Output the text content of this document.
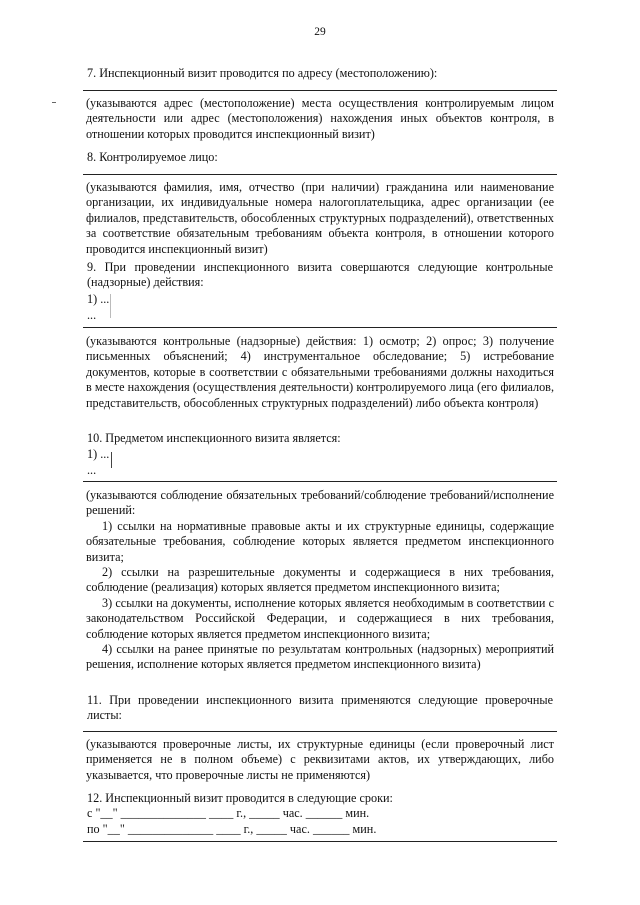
29
7. Инспекционный визит проводится по адресу (местоположению):

(указываются адрес (местоположение) места осуществления контролируемым лицом деятельности или адрес (местоположения) нахождения иных объектов контроля, в отношении которых проводится инспекционный визит)

8. Контролируемое лицо:

(указываются фамилия, имя, отчество (при наличии) гражданина или наименование организации, их индивидуальные номера налогоплательщика, адрес организации (ее филиалов, представительств, обособленных структурных подразделений), ответственных за соответствие обязательным требованиям объекта контроля, в отношении которого проводится инспекционный визит)

9. При проведении инспекционного визита совершаются следующие контрольные (надзорные) действия:
1) ...
...

(указываются контрольные (надзорные) действия: 1) осмотр; 2) опрос; 3) получение письменных объяснений; 4) инструментальное обследование; 5) истребование документов, которые в соответствии с обязательными требованиями должны находиться в месте нахождения (осуществления деятельности) контролируемого лица (его филиалов, представительств, обособленных структурных подразделений) либо объекта контроля)

10. Предметом инспекционного визита является:
1) ...
...

(указываются соблюдение обязательных требований/соблюдение требований/исполнение решений:

1) ссылки на нормативные правовые акты и их структурные единицы, содержащие обязательные требования, соблюдение которых является предметом инспекционного визита;

2) ссылки на разрешительные документы и содержащиеся в них требования, соблюдение (реализация) которых является предметом инспекционного визита;

3) ссылки на документы, исполнение которых является необходимым в соответствии с законодательством Российской Федерации, и содержащиеся в них требования, соблюдение которых является предметом инспекционного визита;

4) ссылки на ранее принятые по результатам контрольных (надзорных) мероприятий решения, исполнение которых является предметом инспекционного визита)

11. При проведении инспекционного визита применяются следующие проверочные листы:

(указываются проверочные листы, их структурные единицы (если проверочный лист применяется не в полном объеме) с реквизитами актов, их утверждающих, либо указывается, что проверочные листы не применяются)

12. Инспекционный визит проводится в следующие сроки:
с "__" ______________ ____ г., _____ час. ______ мин.
по "__" ______________ ____ г., _____ час. ______ мин.
